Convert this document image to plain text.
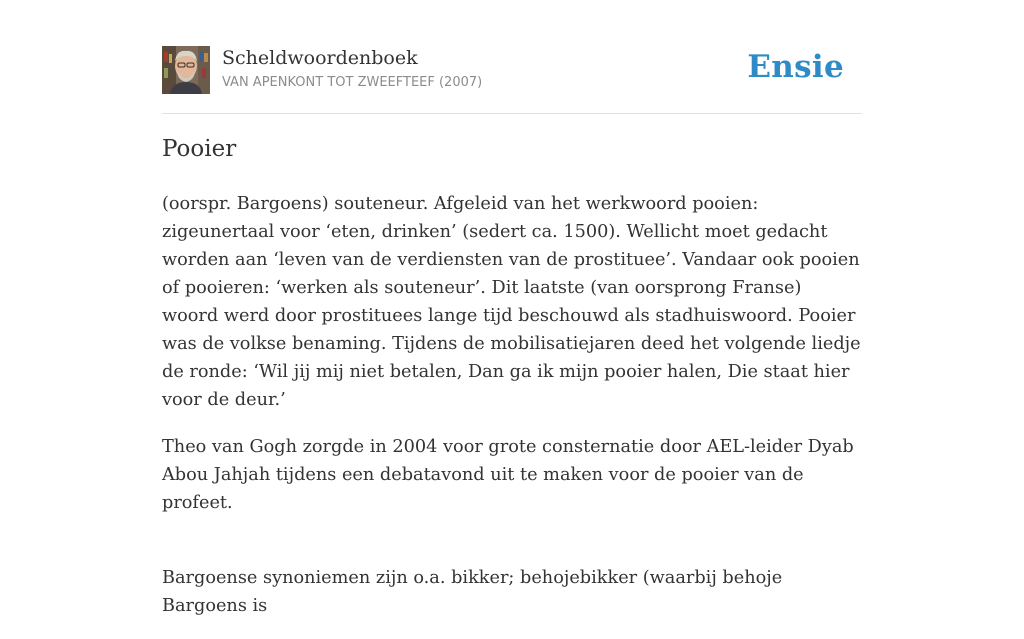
Scheldwoordenboek
VAN APENKONT TOT ZWEEFTEEF (2007)	Ensie
Pooier

(oorspr. Bargoens) souteneur. Afgeleid van het werkwoord pooien: zigeunertaal voor ‘eten, drinken’ (sedert ca. 1500). Wellicht moet gedacht worden aan ‘leven van de verdiensten van de prostituee’. Vandaar ook pooien of pooieren: ‘werken als souteneur’. Dit laatste (van oorsprong Franse) woord werd door prostituees lange tijd beschouwd als stadhuiswoord. Pooier was de volkse benaming. Tijdens de mobilisatiejaren deed het volgende liedje de ronde: ‘Wil jij mij niet betalen, Dan ga ik mijn pooier halen, Die staat hier voor de deur.’

Theo van Gogh zorgde in 2004 voor grote consternatie door AEL-leider Dyab Abou Jahjah tijdens een debatavond uit te maken voor de pooier van de profeet.

Bargoense synoniemen zijn o.a. bikker; behojebikker (waarbij behoje Bargoens is
